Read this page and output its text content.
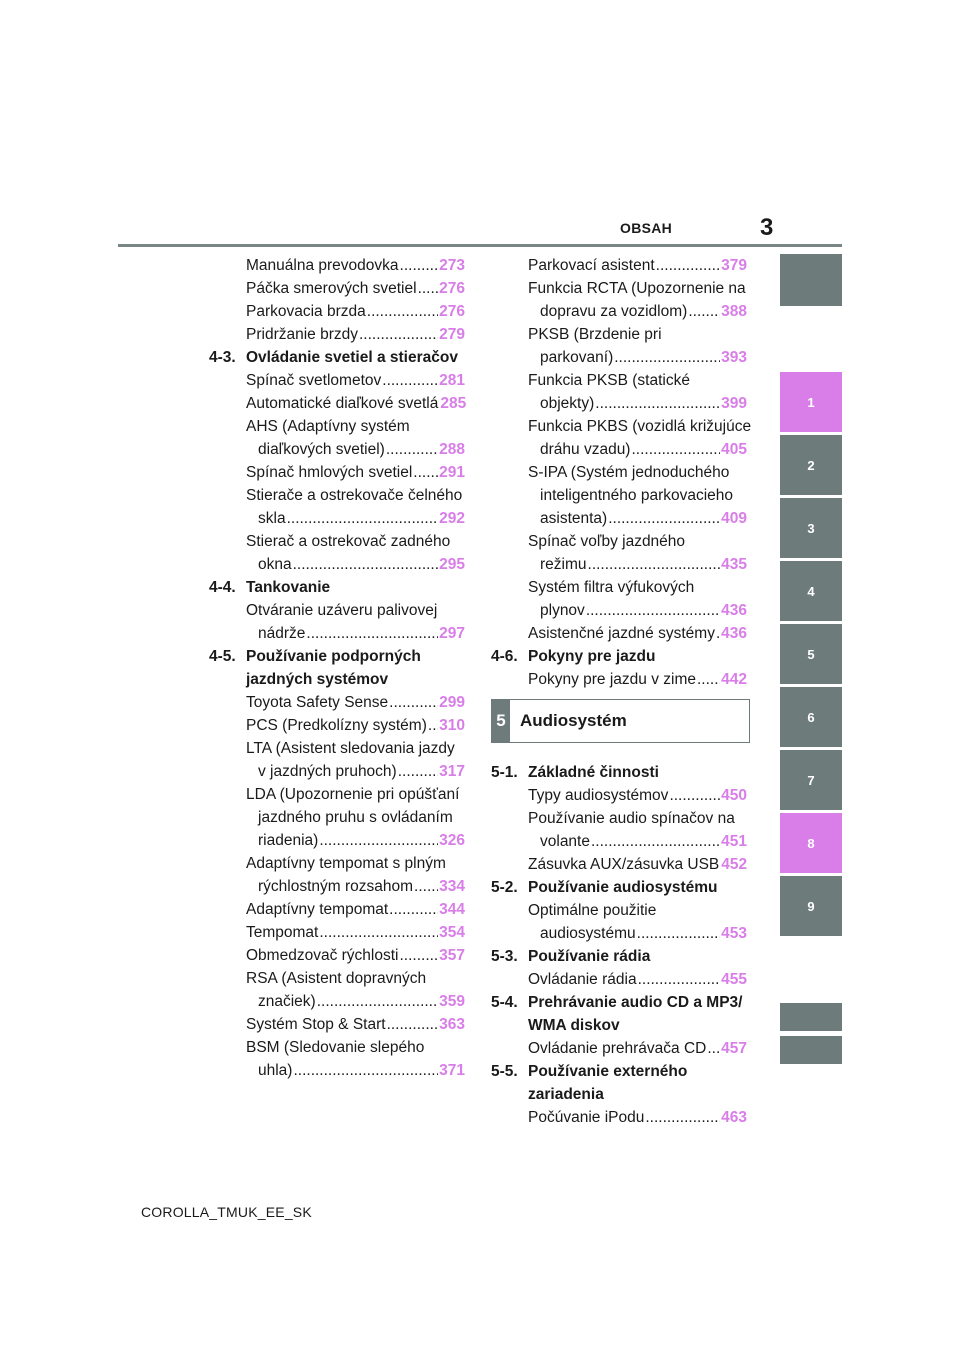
OBSAH	3
1
2
3
4
5
6
7
8
9
Manuálna prevodovka .....	273
Páčka smerových svetiel ..... 276
Parkovacia brzda .....	276
Pridržanie brzdy .....	279
4-3. Ovládanie svetiel a stieračov
Spínač svetlometov .....	281
Automatické diaľkové svetlá 285
AHS (Adaptívny systém
diaľkových svetiel) .....	288
Spínač hmlových svetiel ..... 291
Stierače a ostrekovače čelného
skla .....	292
Stierač a ostrekovač zadného
okna .....	295
4-4. Tankovanie
Otváranie uzáveru palivovej
nádrže .....	297
4-5. Používanie podporných
jazdných systémov
Toyota Safety Sense .....	299
PCS (Predkolízny systém) ..... 310
LTA (Asistent sledovania jazdy
v jazdných pruhoch) .....	317
LDA (Upozornenie pri opúšťaní
jazdného pruhu s ovládaním
riadenia) .....	326
Adaptívny tempomat s plným
rýchlostným rozsahom ..... 334
Adaptívny tempomat .....	344
Tempomat .....	354
Obmedzovač rýchlosti .....	357
RSA (Asistent dopravných
značiek) .....	359
Systém Stop & Start .....	363
BSM (Sledovanie slepého
uhla) .....	371
Parkovací asistent .....	379
Funkcia RCTA (Upozornenie na
dopravu za vozidlom) ..... 388
PKSB (Brzdenie pri
parkovaní) .....	393
Funkcia PKSB (statické
objekty) .....	399
Funkcia PKBS (vozidlá križujúce
dráhu vzadu) .....	405
S-IPA (Systém jednoduchého
inteligentného parkovacieho
asistenta) .....	409
Spínač voľby jazdného
režimu .....	435
Systém filtra výfukových
plynov .....	436
Asistenčné jazdné systémy ..... 436
4-6. Pokyny pre jazdu
Pokyny pre jazdu v zime ..... 442
5 Audiosystém
5-1. Základné činnosti
Typy audiosystémov .....	450
Používanie audio spínačov na
volante .....	451
Zásuvka AUX/zásuvka USB 452
5-2. Používanie audiosystému
Optimálne použitie
audiosystému .....	453
5-3. Používanie rádia
Ovládanie rádia .....	455
5-4. Prehrávanie audio CD a MP3/
WMA diskov
Ovládanie prehrávača CD ..... 457
5-5. Používanie externého
zariadenia
Počúvanie iPodu .....	463
COROLLA_TMUK_EE_SK
